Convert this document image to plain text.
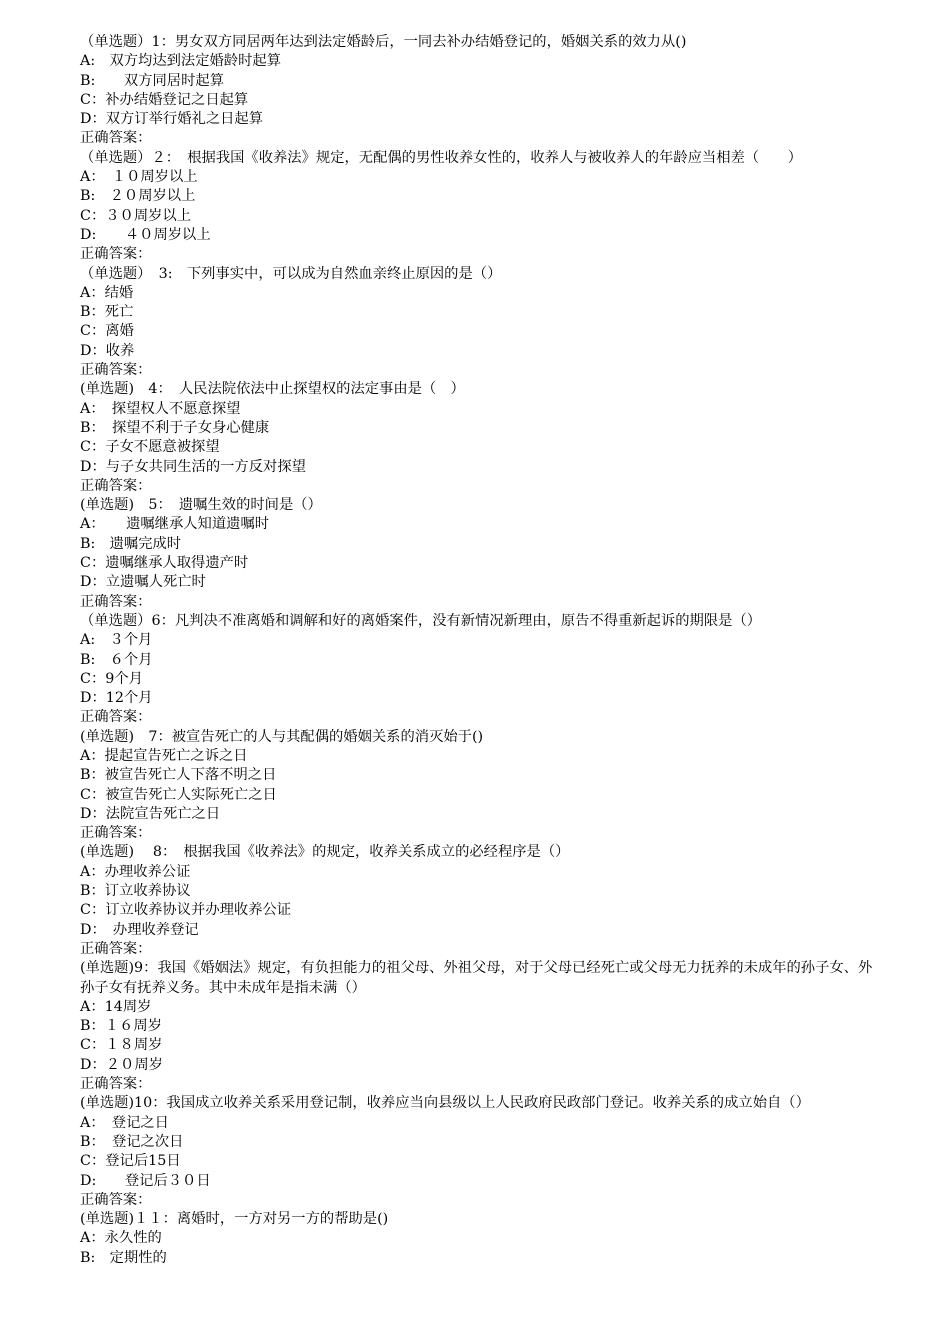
（单选题）1：男女双方同居两年达到法定婚龄后，一同去补办结婚登记的，婚姻关系的效力从()
A:　双方均达到法定婚龄时起算
B:　　双方同居时起算
C：补办结婚登记之日起算
D：双方订举行婚礼之日起算
正确答案：
（单选题）２：　根据我国《收养法》规定，无配偶的男性收养女性的，收养人与被收养人的年龄应当相差（　　）
A：　１０周岁以上
B:　２０周岁以上
C：３０周岁以上
D:　　４０周岁以上
正确答案：
（单选题）　3:　下列事实中，可以成为自然血亲终止原因的是（）
A：结婚
B：死亡
C：离婚
D：收养
正确答案：
(单选题)　4：　人民法院依法中止探望权的法定事由是（　）
A：　探望权人不愿意探望
B：　探望不利于子女身心健康
C：子女不愿意被探望
D：与子女共同生活的一方反对探望
正确答案：
(单选题)　5：　遗嘱生效的时间是（）
A：　　遗嘱继承人知道遗嘱时
B:　遗嘱完成时
C：遗嘱继承人取得遗产时
D：立遗嘱人死亡时
正确答案：
（单选题）6：凡判决不准离婚和调解和好的离婚案件，没有新情况新理由，原告不得重新起诉的期限是（）
A:　３个月
B:　６个月
C：9个月
D：12个月
正确答案：
(单选题)　7：被宣告死亡的人与其配偶的婚姻关系的消灭始于()
A：提起宣告死亡之诉之日
B：被宣告死亡人下落不明之日
C：被宣告死亡人实际死亡之日
D：法院宣告死亡之日
正确答案：
(单选题)　 8：　根据我国《收养法》的规定，收养关系成立的必经程序是（）
A：办理收养公证
B：订立收养协议
C：订立收养协议并办理收养公证
D：　办理收养登记
正确答案：
(单选题)9：我国《婚姻法》规定，有负担能力的祖父母、外祖父母，对于父母已经死亡或父母无力抚养的未成年的孙子女、外孙子女有抚养义务。其中未成年是指未满（）
A：14周岁
B：１６周岁
C：１８周岁
D：２０周岁
正确答案：
(单选题)10：我国成立收养关系采用登记制，收养应当向县级以上人民政府民政部门登记。收养关系的成立始自（）
A：　登记之日
B：　登记之次日
C：登记后15日
D:　　登记后３０日
正确答案：
(单选题)１１：离婚时，一方对另一方的帮助是()
A：永久性的
B:　定期性的
